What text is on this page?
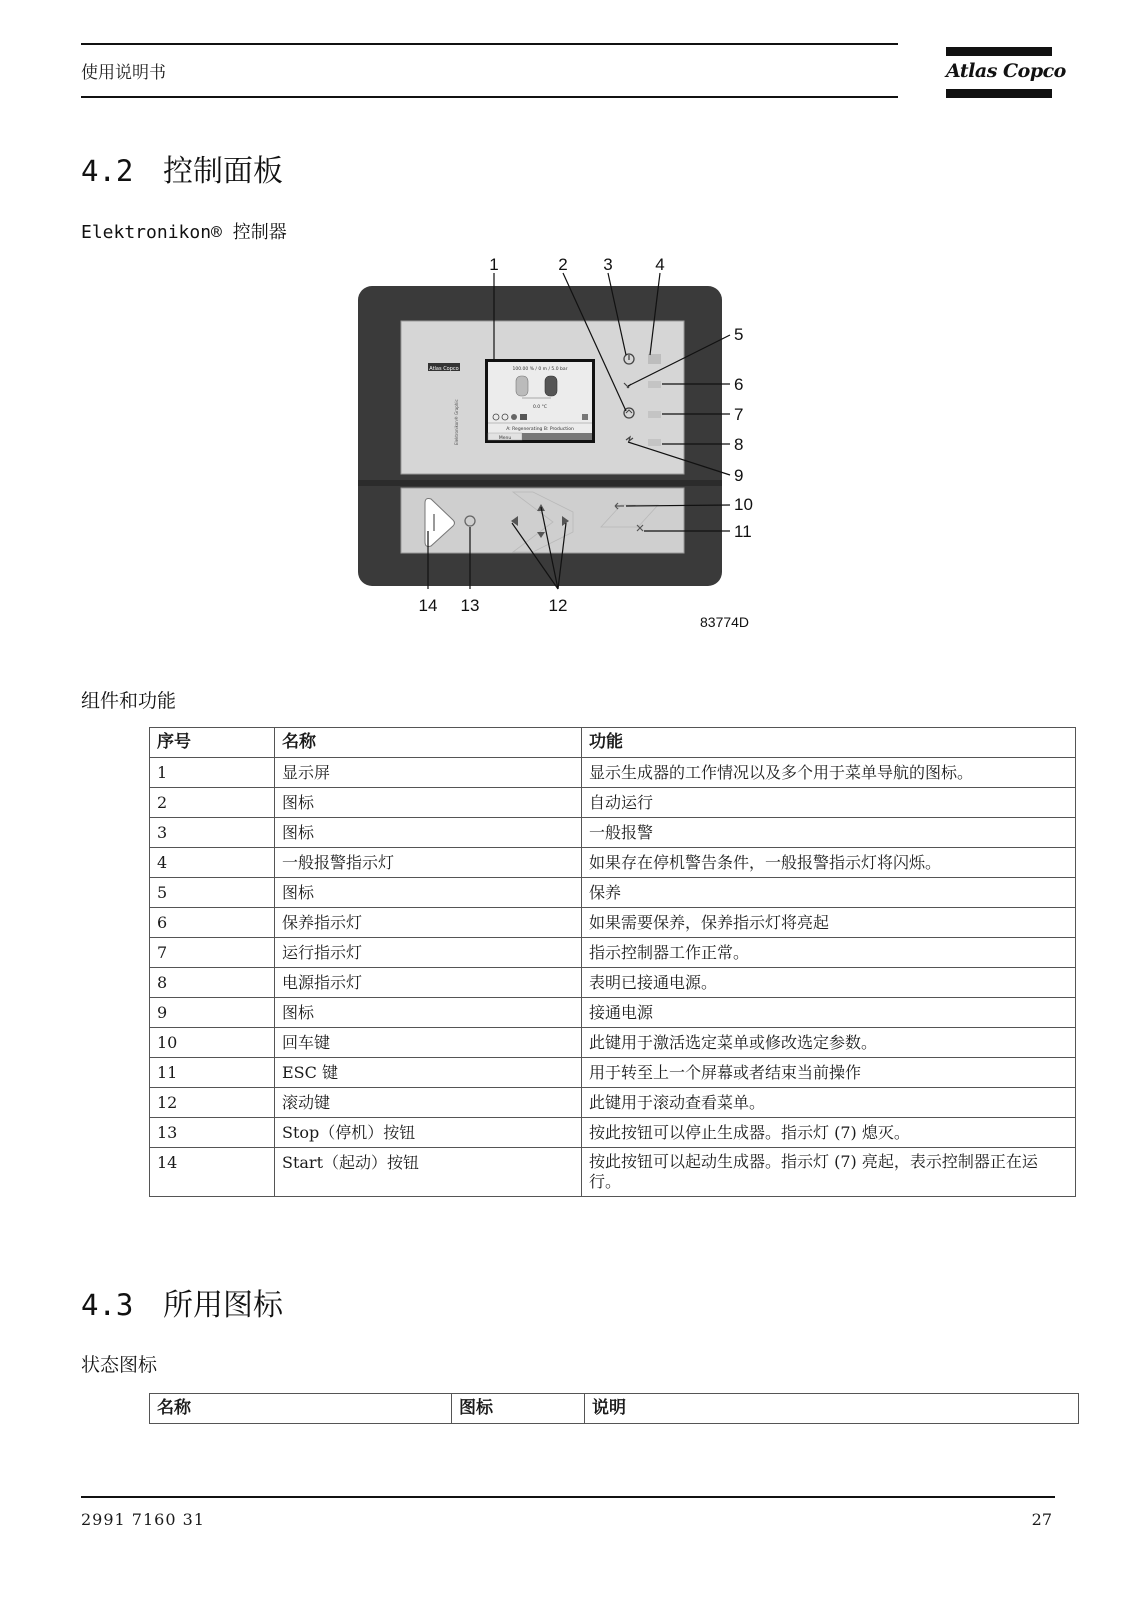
使用说明书	Atlas Copco
4.2 控制面板
Elektronikon® 控制器
Atlas Copco
Elektronikon® Graphic
100.00 % / 0 m / 5.0 bar
0.0 °C
A: Regenerating B: Production
Menu
1	2 3	4
5
6
7
8
9
10
11
12
13
14
83774D
组件和功能
序号	名称	功能
1	显示屏	显示生成器的工作情况以及多个用于菜单导航的图标。
2	图标	自动运行
3	图标	一般报警
4	一般报警指示灯	如果存在停机警告条件，一般报警指示灯将闪烁。
5	图标	保养
6	保养指示灯	如果需要保养，保养指示灯将亮起
7	运行指示灯	指示控制器工作正常。
8	电源指示灯	表明已接通电源。
9	图标	接通电源
10	回车键	此键用于激活选定菜单或修改选定参数。
11	ESC 键	用于转至上一个屏幕或者结束当前操作
12	滚动键	此键用于滚动查看菜单。
13	Stop（停机）按钮	按此按钮可以停止生成器。指示灯 (7) 熄灭。
14	Start（起动）按钮	按此按钮可以起动生成器。指示灯 (7) 亮起，表示控制器正在运行。
4.3 所用图标
状态图标
名称	图标	说明
2991 7160 31	27
